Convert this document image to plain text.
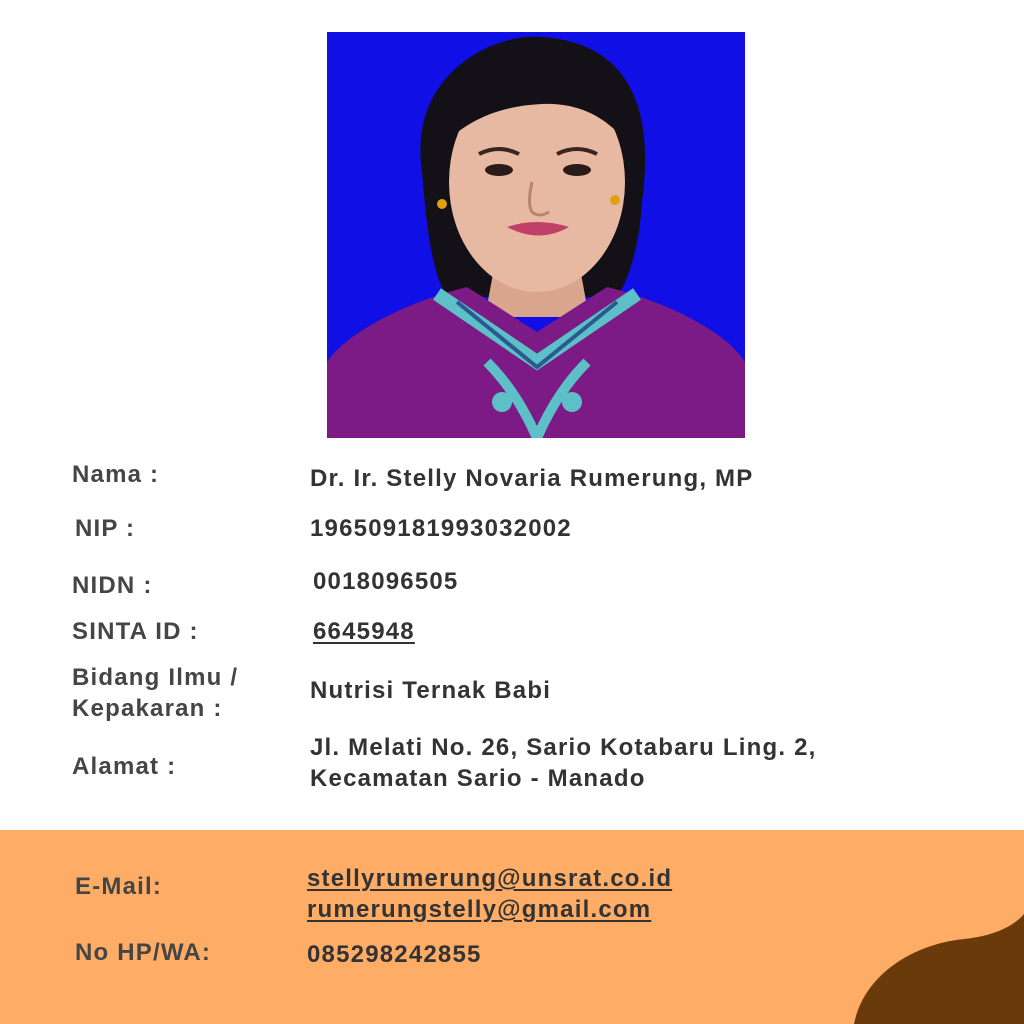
Nama :	Dr. Ir. Stelly Novaria Rumerung, MP
NIP :	196509181993032002
NIDN :	0018096505
SINTA ID :	6645948
Bidang Ilmu /
Kepakaran :
Nutrisi Ternak Babi
Alamat :
Jl. Melati No. 26, Sario Kotabaru Ling. 2,
Kecamatan Sario - Manado
E-Mail:	stellyrumerung@unsrat.co.id
rumerungstelly@gmail.com
No HP/WA:	085298242855
